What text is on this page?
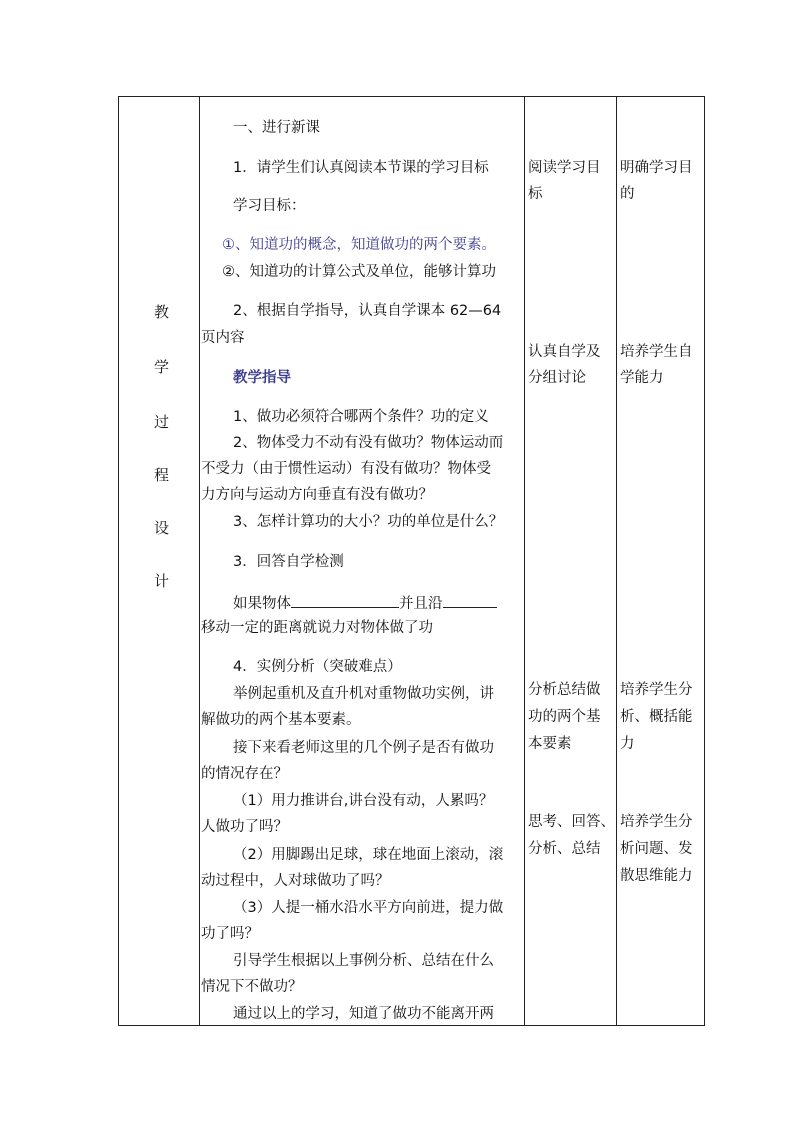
教
学
过
程
设
计
一、进行新课
1．请学生们认真阅读本节课的学习目标
学习目标：
①、知道功的概念，知道做功的两个要素。
②、知道功的计算公式及单位，能够计算功
2、根据自学指导，认真自学课本 62—64
页内容
教学指导
1、做功必须符合哪两个条件？功的定义
2、物体受力不动有没有做功？物体运动而
不受力（由于惯性运动）有没有做功？物体受
力方向与运动方向垂直有没有做功？
3、怎样计算功的大小？功的单位是什么？
3．回答自学检测
如果物体	并且沿
移动一定的距离就说力对物体做了功
4．实例分析（突破难点）
举例起重机及直升机对重物做功实例，讲
解做功的两个基本要素。
接下来看老师这里的几个例子是否有做功
的情况存在？
（1）用力推讲台,讲台没有动，人累吗？
人做功了吗？
（2）用脚踢出足球，球在地面上滚动，滚
动过程中，人对球做功了吗？
（3）人提一桶水沿水平方向前进，提力做
功了吗？
引导学生根据以上事例分析、总结在什么
情况下不做功？
通过以上的学习，知道了做功不能离开两
阅读学习目
标
认真自学及
分组讨论
分析总结做
功的两个基
本要素
思考、回答、
分析、总结
明确学习目
的
培养学生自
学能力
培养学生分
析、概括能
力
培养学生分
析问题、发
散思维能力
